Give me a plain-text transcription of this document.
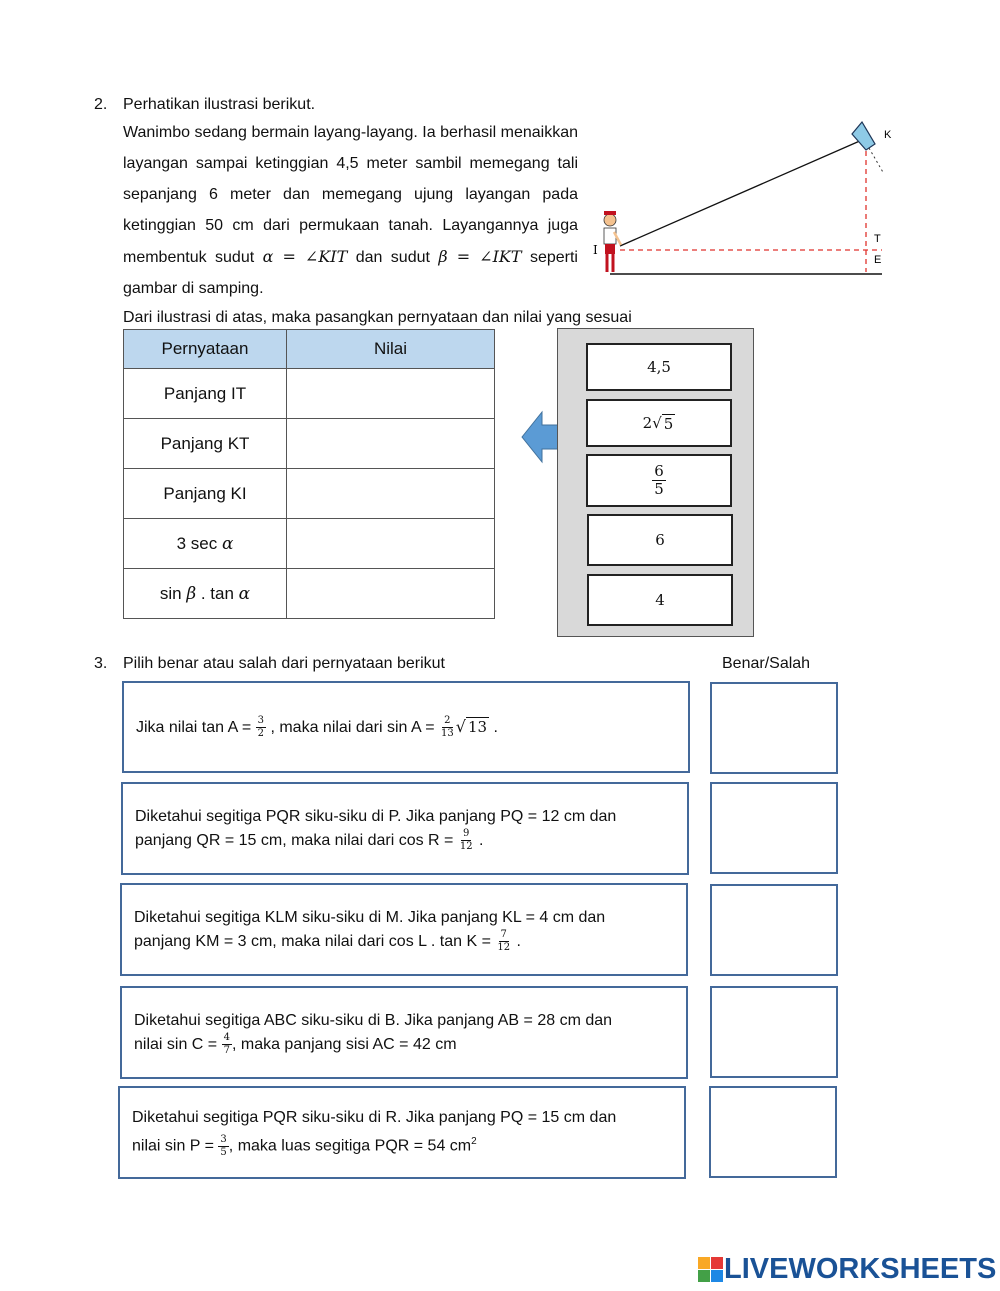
2. Perhatikan ilustrasi berikut.
Wanimbo sedang bermain layang-layang. Ia berhasil menaikkan layangan sampai ketinggian 4,5 meter sambil memegang tali sepanjang 6 meter dan memegang ujung layangan pada ketinggian 50 cm dari permukaan tanah. Layangannya juga membentuk sudut α = ∠KIT dan sudut β = ∠IKT seperti gambar di samping.
K
I
T
E
Dari ilustrasi di atas, maka pasangkan pernyataan dan nilai yang sesuai
Pernyataan	Nilai
Panjang IT	
Panjang KT	
Panjang KI	
3 sec α	
sin β . tan α	
4,5
2 √ 5
$\frac{6}{5}$
6
4
3. Pilih benar atau salah dari pernyataan berikut	Benar/Salah
Jika nilai $\tan A = \frac{3}{2}$ , maka nilai dari $\sin A = \frac{2}{13}$ √ 13 .
Diketahui segitiga PQR siku-siku di P. Jika panjang PQ = 12 cm dan
panjang QR = 15 cm, maka nilai dari $\cos R = \frac{9}{12}$ .
Diketahui segitiga KLM siku-siku di M. Jika panjang KL = 4 cm dan
panjang KM = 3 cm, maka nilai dari cos L . $\tan K = \frac{7}{12}$ .
Diketahui segitiga ABC siku-siku di B. Jika panjang AB = 28 cm dan
nilai $\sin C = \frac{4}{7}$ , maka panjang sisi AC = 42 cm
Diketahui segitiga PQR siku-siku di R. Jika panjang PQ = 15 cm dan
nilai $\sin P = \frac{3}{5}$ , maka luas segitiga PQR = 54 $cm^2$
LIVEWORKSHEETS
